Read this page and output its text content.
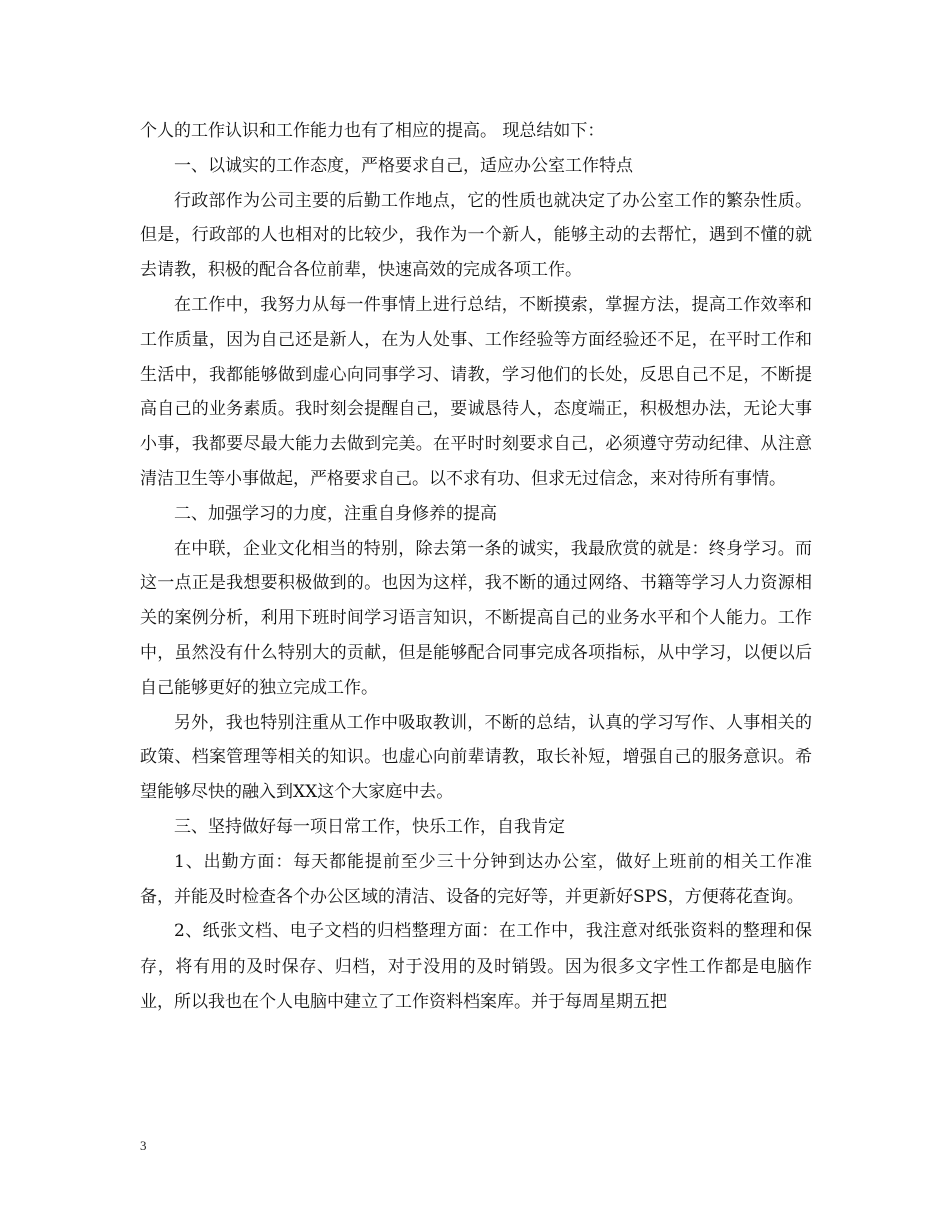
个人的工作认识和工作能力也有了相应的提高。 现总结如下：

一、以诚实的工作态度，严格要求自己，适应办公室工作特点

行政部作为公司主要的后勤工作地点，它的性质也就决定了办公室工作的繁杂性质。但是，行政部的人也相对的比较少，我作为一个新人，能够主动的去帮忙，遇到不懂的就去请教，积极的配合各位前辈，快速高效的完成各项工作。

在工作中，我努力从每一件事情上进行总结，不断摸索，掌握方法，提高工作效率和工作质量，因为自己还是新人，在为人处事、工作经验等方面经验还不足，在平时工作和生活中，我都能够做到虚心向同事学习、请教，学习他们的长处，反思自己不足，不断提高自己的业务素质。我时刻会提醒自己，要诚恳待人，态度端正，积极想办法，无论大事小事，我都要尽最大能力去做到完美。在平时时刻要求自己，必须遵守劳动纪律、从注意清洁卫生等小事做起，严格要求自己。以不求有功、但求无过信念，来对待所有事情。

二、加强学习的力度，注重自身修养的提高

在中联，企业文化相当的特别，除去第一条的诚实，我最欣赏的就是：终身学习。而这一点正是我想要积极做到的。也因为这样，我不断的通过网络、书籍等学习人力资源相关的案例分析，利用下班时间学习语言知识，不断提高自己的业务水平和个人能力。工作中，虽然没有什么特别大的贡献，但是能够配合同事完成各项指标，从中学习，以便以后自己能够更好的独立完成工作。

另外，我也特别注重从工作中吸取教训，不断的总结，认真的学习写作、人事相关的政策、档案管理等相关的知识。也虚心向前辈请教，取长补短，增强自己的服务意识。希望能够尽快的融入到XX这个大家庭中去。

三、坚持做好每一项日常工作，快乐工作，自我肯定

1、出勤方面：每天都能提前至少三十分钟到达办公室，做好上班前的相关工作准备，并能及时检查各个办公区域的清洁、设备的完好等，并更新好SPS，方便蒋花查询。

2、纸张文档、电子文档的归档整理方面：在工作中，我注意对纸张资料的整理和保存，将有用的及时保存、归档，对于没用的及时销毁。因为很多文字性工作都是电脑作业，所以我也在个人电脑中建立了工作资料档案库。并于每周星期五把

3
